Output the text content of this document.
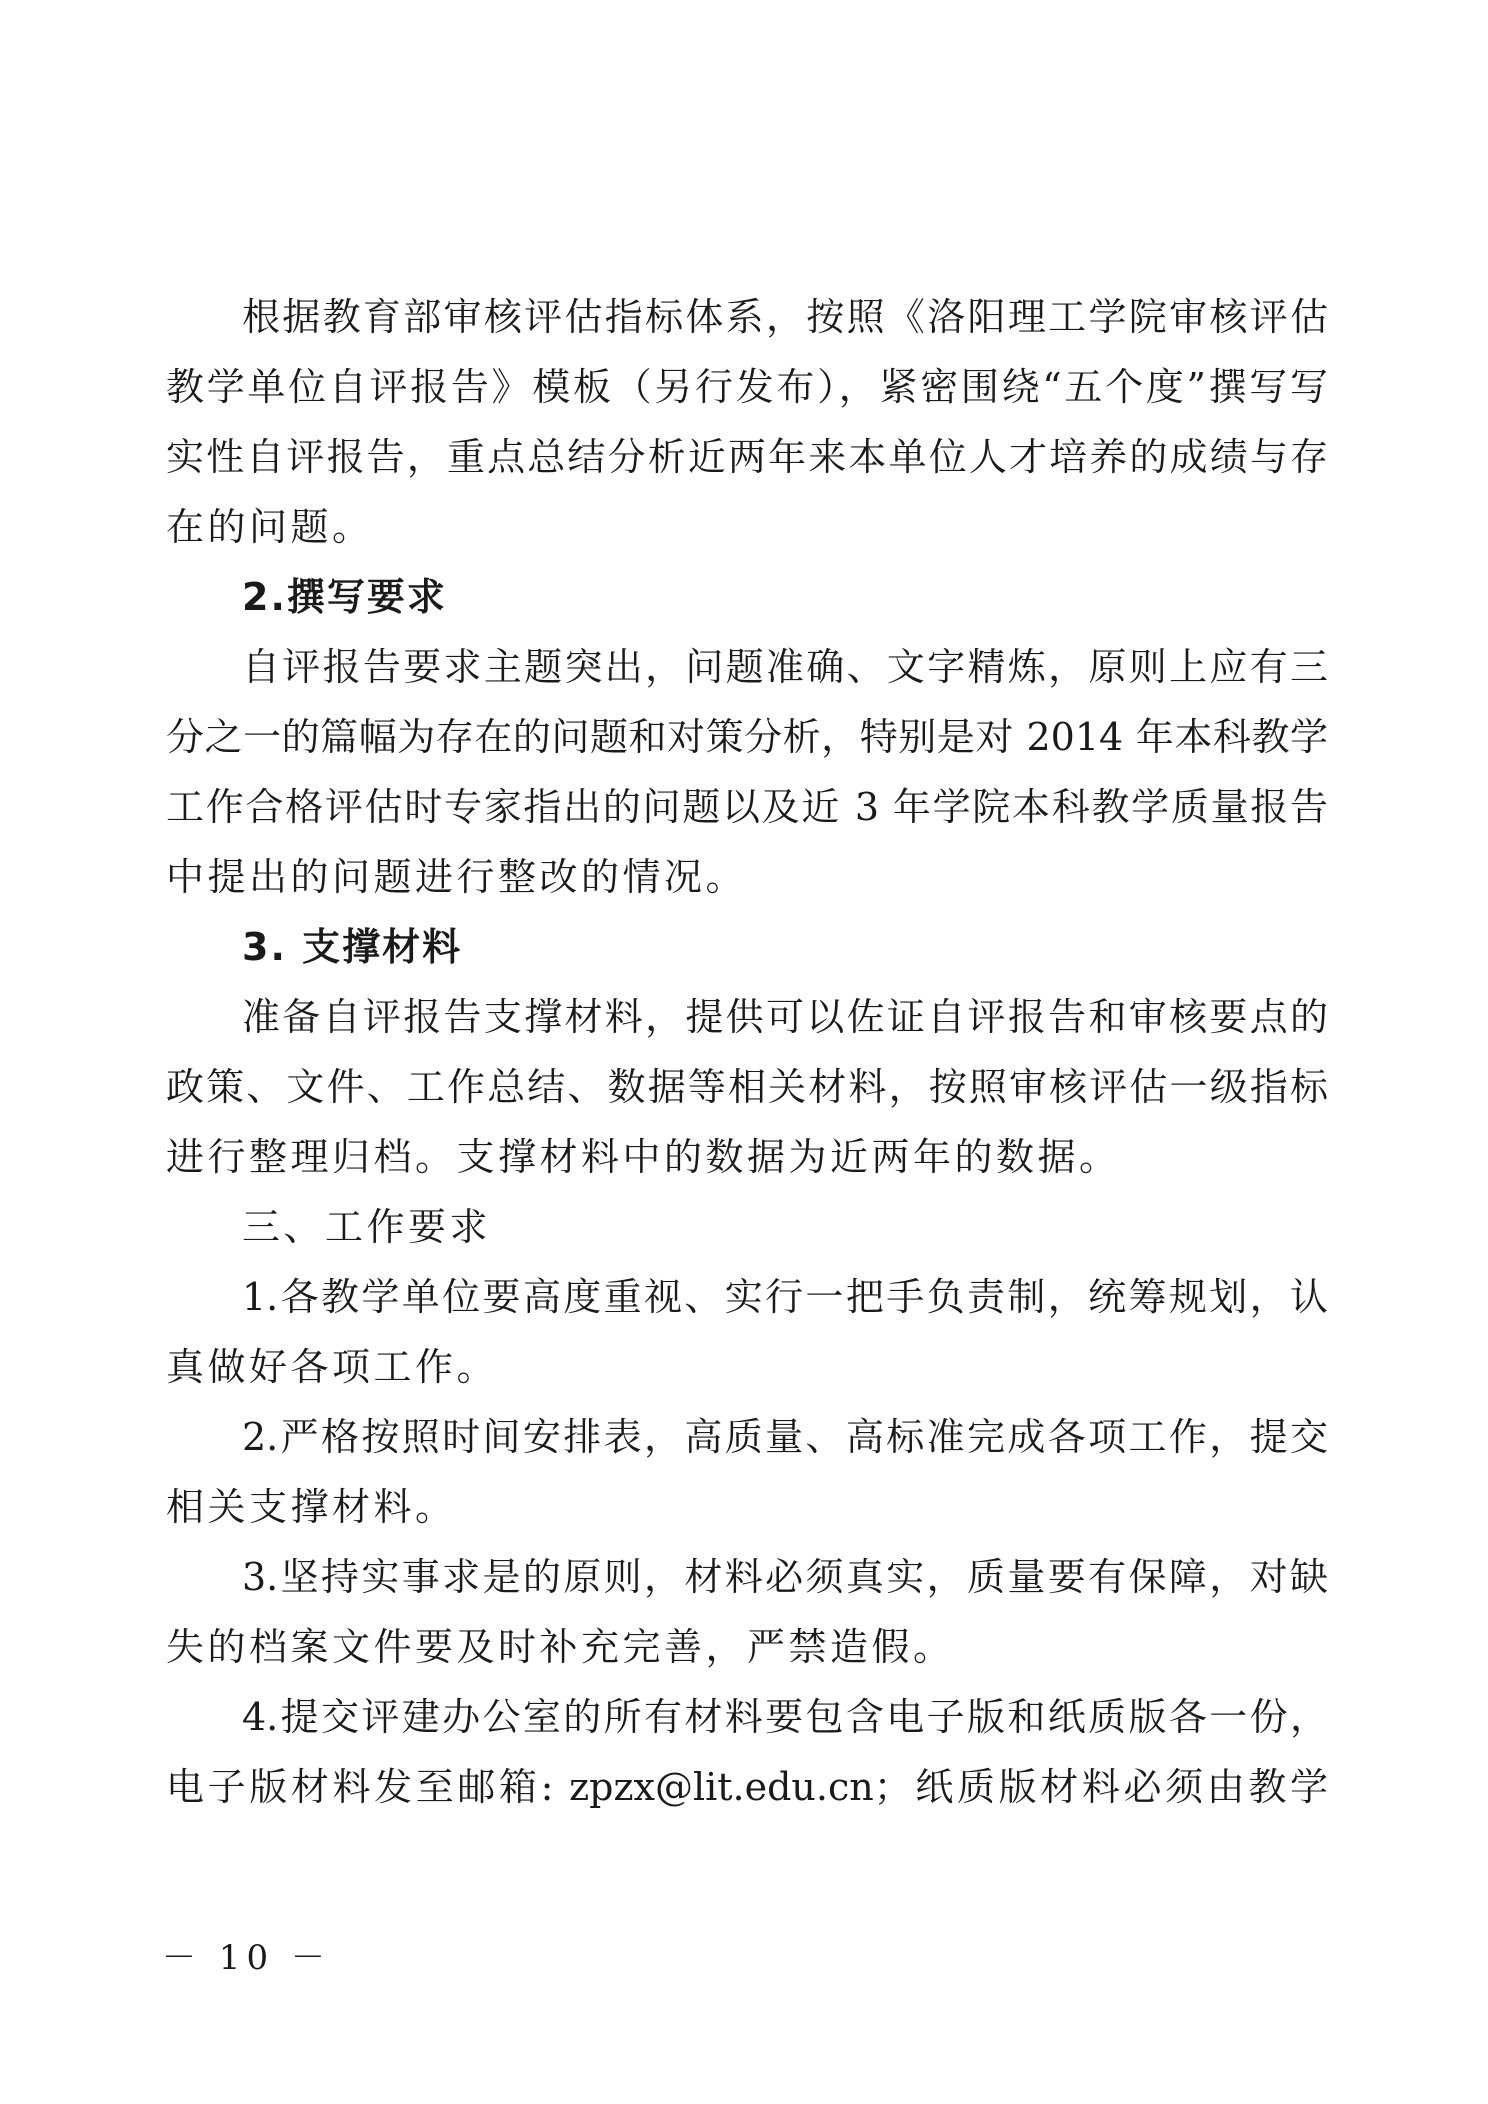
根据教育部审核评估指标体系，按照《洛阳理工学院审核评估
教学单位自评报告》模板（另行发布），紧密围绕“五个度”撰写写
实性自评报告，重点总结分析近两年来本单位人才培养的成绩与存
在的问题。
2.撰写要求
自评报告要求主题突出，问题准确、文字精炼，原则上应有三
分之一的篇幅为存在的问题和对策分析，特别是对 2014 年本科教学
工作合格评估时专家指出的问题以及近 3 年学院本科教学质量报告
中提出的问题进行整改的情况。
3. 支撑材料
准备自评报告支撑材料，提供可以佐证自评报告和审核要点的
政策、文件、工作总结、数据等相关材料，按照审核评估一级指标
进行整理归档。支撑材料中的数据为近两年的数据。
三、工作要求
1.各教学单位要高度重视、实行一把手负责制，统筹规划，认
真做好各项工作。
2.严格按照时间安排表，高质量、高标准完成各项工作，提交
相关支撑材料。
3.坚持实事求是的原则，材料必须真实，质量要有保障，对缺
失的档案文件要及时补充完善，严禁造假。
4.提交评建办公室的所有材料要包含电子版和纸质版各一份，
电子版材料发至邮箱: zpzx@lit.edu.cn；纸质版材料必须由教学
－ 10 －
